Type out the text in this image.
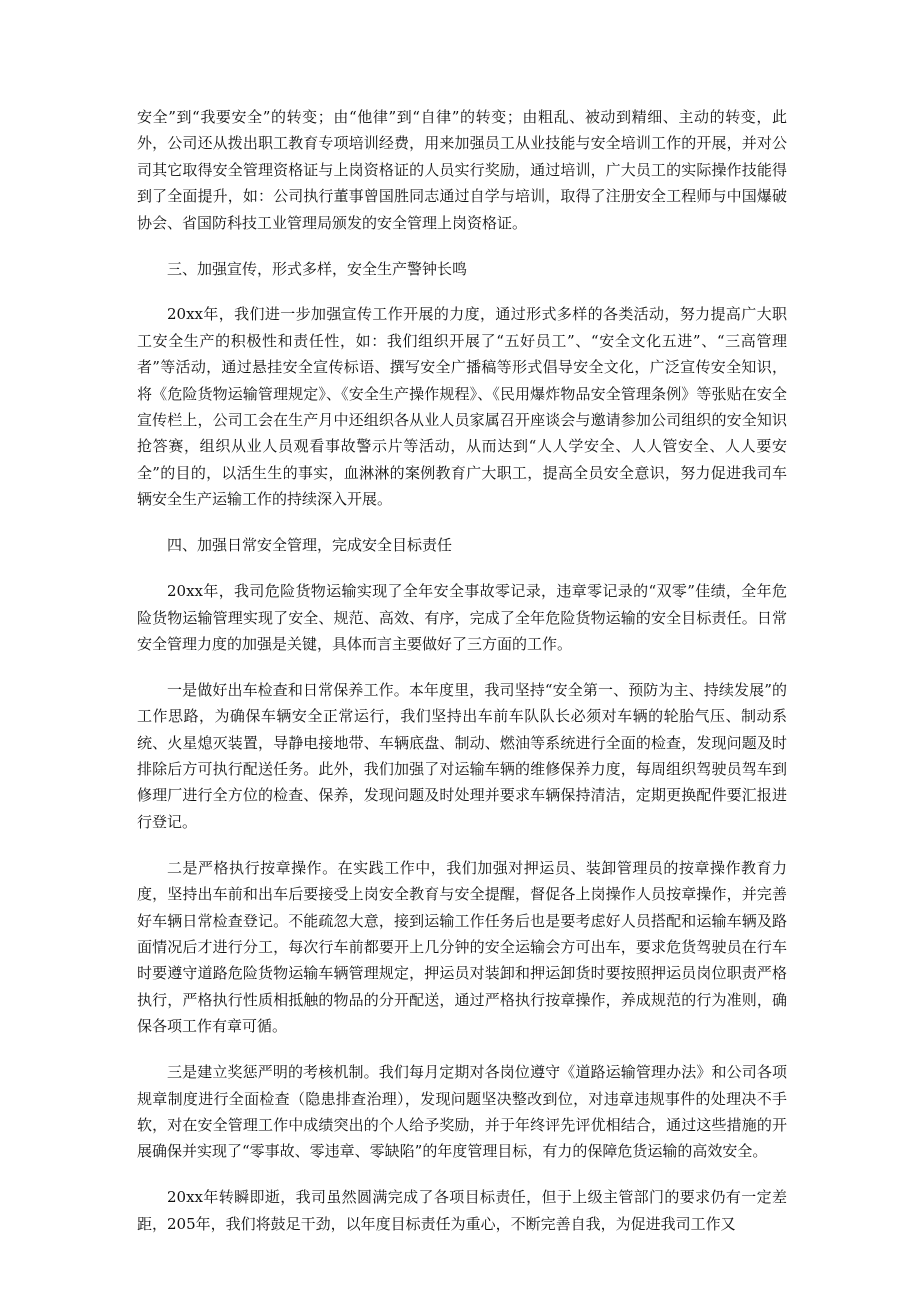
安全”到“我要安全”的转变；由“他律”到“自律”的转变；由粗乱、被动到精细、主动的转变，此外，公司还从拨出职工教育专项培训经费，用来加强员工从业技能与安全培训工作的开展，并对公司其它取得安全管理资格证与上岗资格证的人员实行奖励，通过培训，广大员工的实际操作技能得到了全面提升，如：公司执行董事曾国胜同志通过自学与培训，取得了注册安全工程师与中国爆破协会、省国防科技工业管理局颁发的安全管理上岗资格证。

三、加强宣传，形式多样，安全生产警钟长鸣

20xx年，我们进一步加强宣传工作开展的力度，通过形式多样的各类活动，努力提高广大职工安全生产的积极性和责任性，如：我们组织开展了“五好员工”、“安全文化五进”、“三高管理者”等活动，通过悬挂安全宣传标语、撰写安全广播稿等形式倡导安全文化，广泛宣传安全知识，将《危险货物运输管理规定》、《安全生产操作规程》、《民用爆炸物品安全管理条例》等张贴在安全宣传栏上，公司工会在生产月中还组织各从业人员家属召开座谈会与邀请参加公司组织的安全知识抢答赛，组织从业人员观看事故警示片等活动，从而达到“人人学安全、人人管安全、人人要安全”的目的，以活生生的事实，血淋淋的案例教育广大职工，提高全员安全意识，努力促进我司车辆安全生产运输工作的持续深入开展。

四、加强日常安全管理，完成安全目标责任

20xx年，我司危险货物运输实现了全年安全事故零记录，违章零记录的“双零”佳绩，全年危险货物运输管理实现了安全、规范、高效、有序，完成了全年危险货物运输的安全目标责任。日常安全管理力度的加强是关键，具体而言主要做好了三方面的工作。

一是做好出车检查和日常保养工作。本年度里，我司坚持“安全第一、预防为主、持续发展”的工作思路，为确保车辆安全正常运行，我们坚持出车前车队队长必须对车辆的轮胎气压、制动系统、火星熄灭装置，导静电接地带、车辆底盘、制动、燃油等系统进行全面的检查，发现问题及时排除后方可执行配送任务。此外，我们加强了对运输车辆的维修保养力度，每周组织驾驶员驾车到修理厂进行全方位的检查、保养，发现问题及时处理并要求车辆保持清洁，定期更换配件要汇报进行登记。

二是严格执行按章操作。在实践工作中，我们加强对押运员、装卸管理员的按章操作教育力度，坚持出车前和出车后要接受上岗安全教育与安全提醒，督促各上岗操作人员按章操作，并完善好车辆日常检查登记。不能疏忽大意，接到运输工作任务后也是要考虑好人员搭配和运输车辆及路面情况后才进行分工，每次行车前都要开上几分钟的安全运输会方可出车，要求危货驾驶员在行车时要遵守道路危险货物运输车辆管理规定，押运员对装卸和押运卸货时要按照押运员岗位职责严格执行，严格执行性质相抵触的物品的分开配送，通过严格执行按章操作，养成规范的行为准则，确保各项工作有章可循。

三是建立奖惩严明的考核机制。我们每月定期对各岗位遵守《道路运输管理办法》和公司各项规章制度进行全面检查（隐患排查治理），发现问题坚决整改到位，对违章违规事件的处理决不手软，对在安全管理工作中成绩突出的个人给予奖励，并于年终评先评优相结合，通过这些措施的开展确保并实现了“零事故、零违章、零缺陷”的年度管理目标，有力的保障危货运输的高效安全。

20xx年转瞬即逝，我司虽然圆满完成了各项目标责任，但于上级主管部门的要求仍有一定差距，205年，我们将鼓足干劲，以年度目标责任为重心，不断完善自我，为促进我司工作又
